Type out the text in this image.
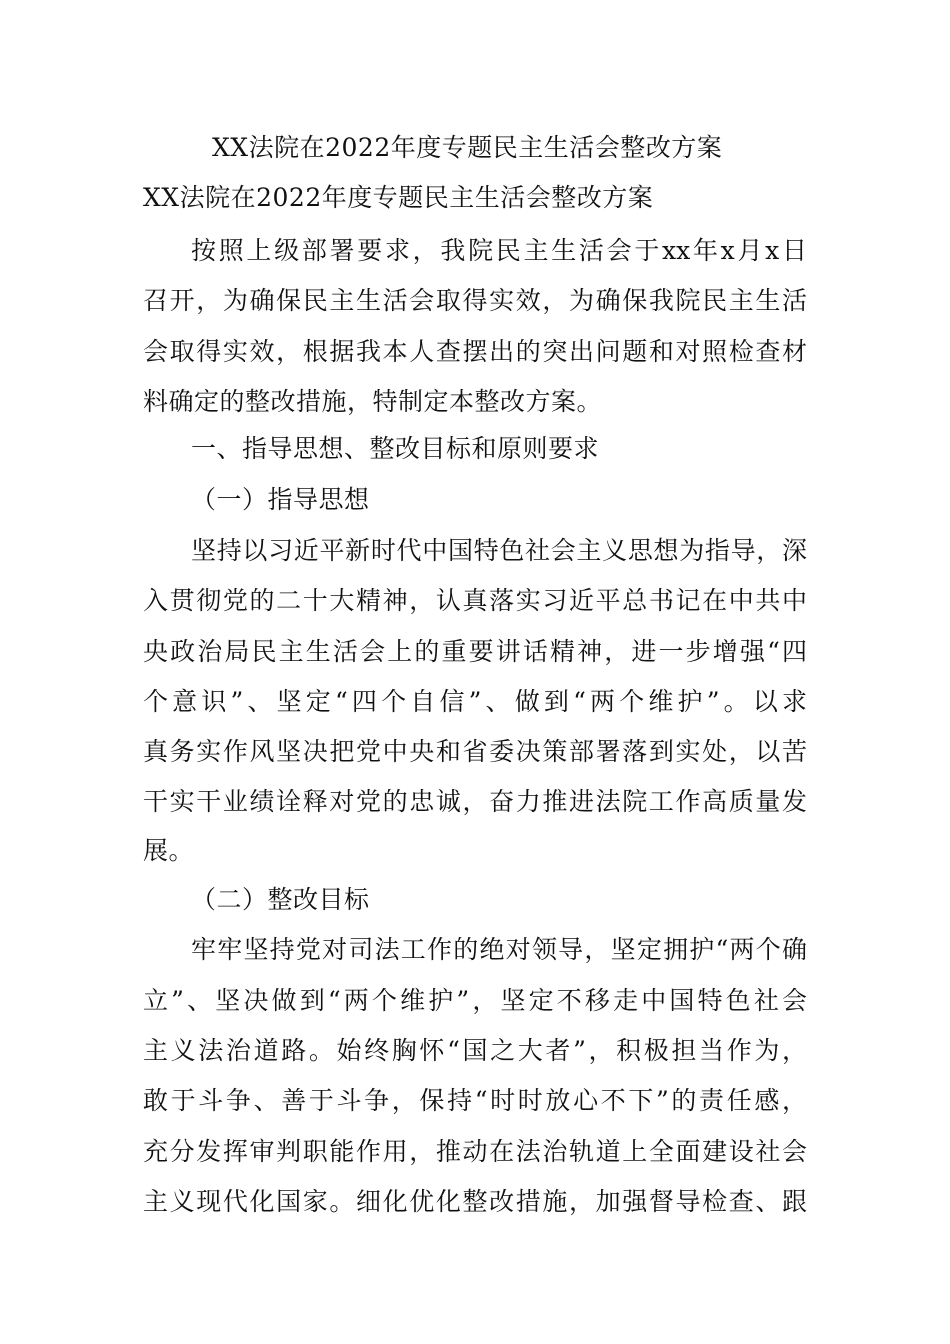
XX法院在2022年度专题民主生活会整改方案
XX法院在2022年度专题民主生活会整改方案
按照上级部署要求，我院民主生活会于xx年x月x日
召开，为确保民主生活会取得实效，为确保我院民主生活
会取得实效，根据我本人查摆出的突出问题和对照检查材
料确定的整改措施，特制定本整改方案。
一、指导思想、整改目标和原则要求
（一）指导思想
坚持以习近平新时代中国特色社会主义思想为指导，深
入贯彻党的二十大精神，认真落实习近平总书记在中共中
央政治局民主生活会上的重要讲话精神，进一步增强“四
个意识”、坚定“四个自信”、做到“两个维护”。以求
真务实作风坚决把党中央和省委决策部署落到实处，以苦
干实干业绩诠释对党的忠诚，奋力推进法院工作高质量发
展。
（二）整改目标
牢牢坚持党对司法工作的绝对领导，坚定拥护“两个确
立”、坚决做到“两个维护”，坚定不移走中国特色社会
主义法治道路。始终胸怀“国之大者”，积极担当作为，
敢于斗争、善于斗争，保持“时时放心不下”的责任感，
充分发挥审判职能作用，推动在法治轨道上全面建设社会
主义现代化国家。细化优化整改措施，加强督导检查、跟
